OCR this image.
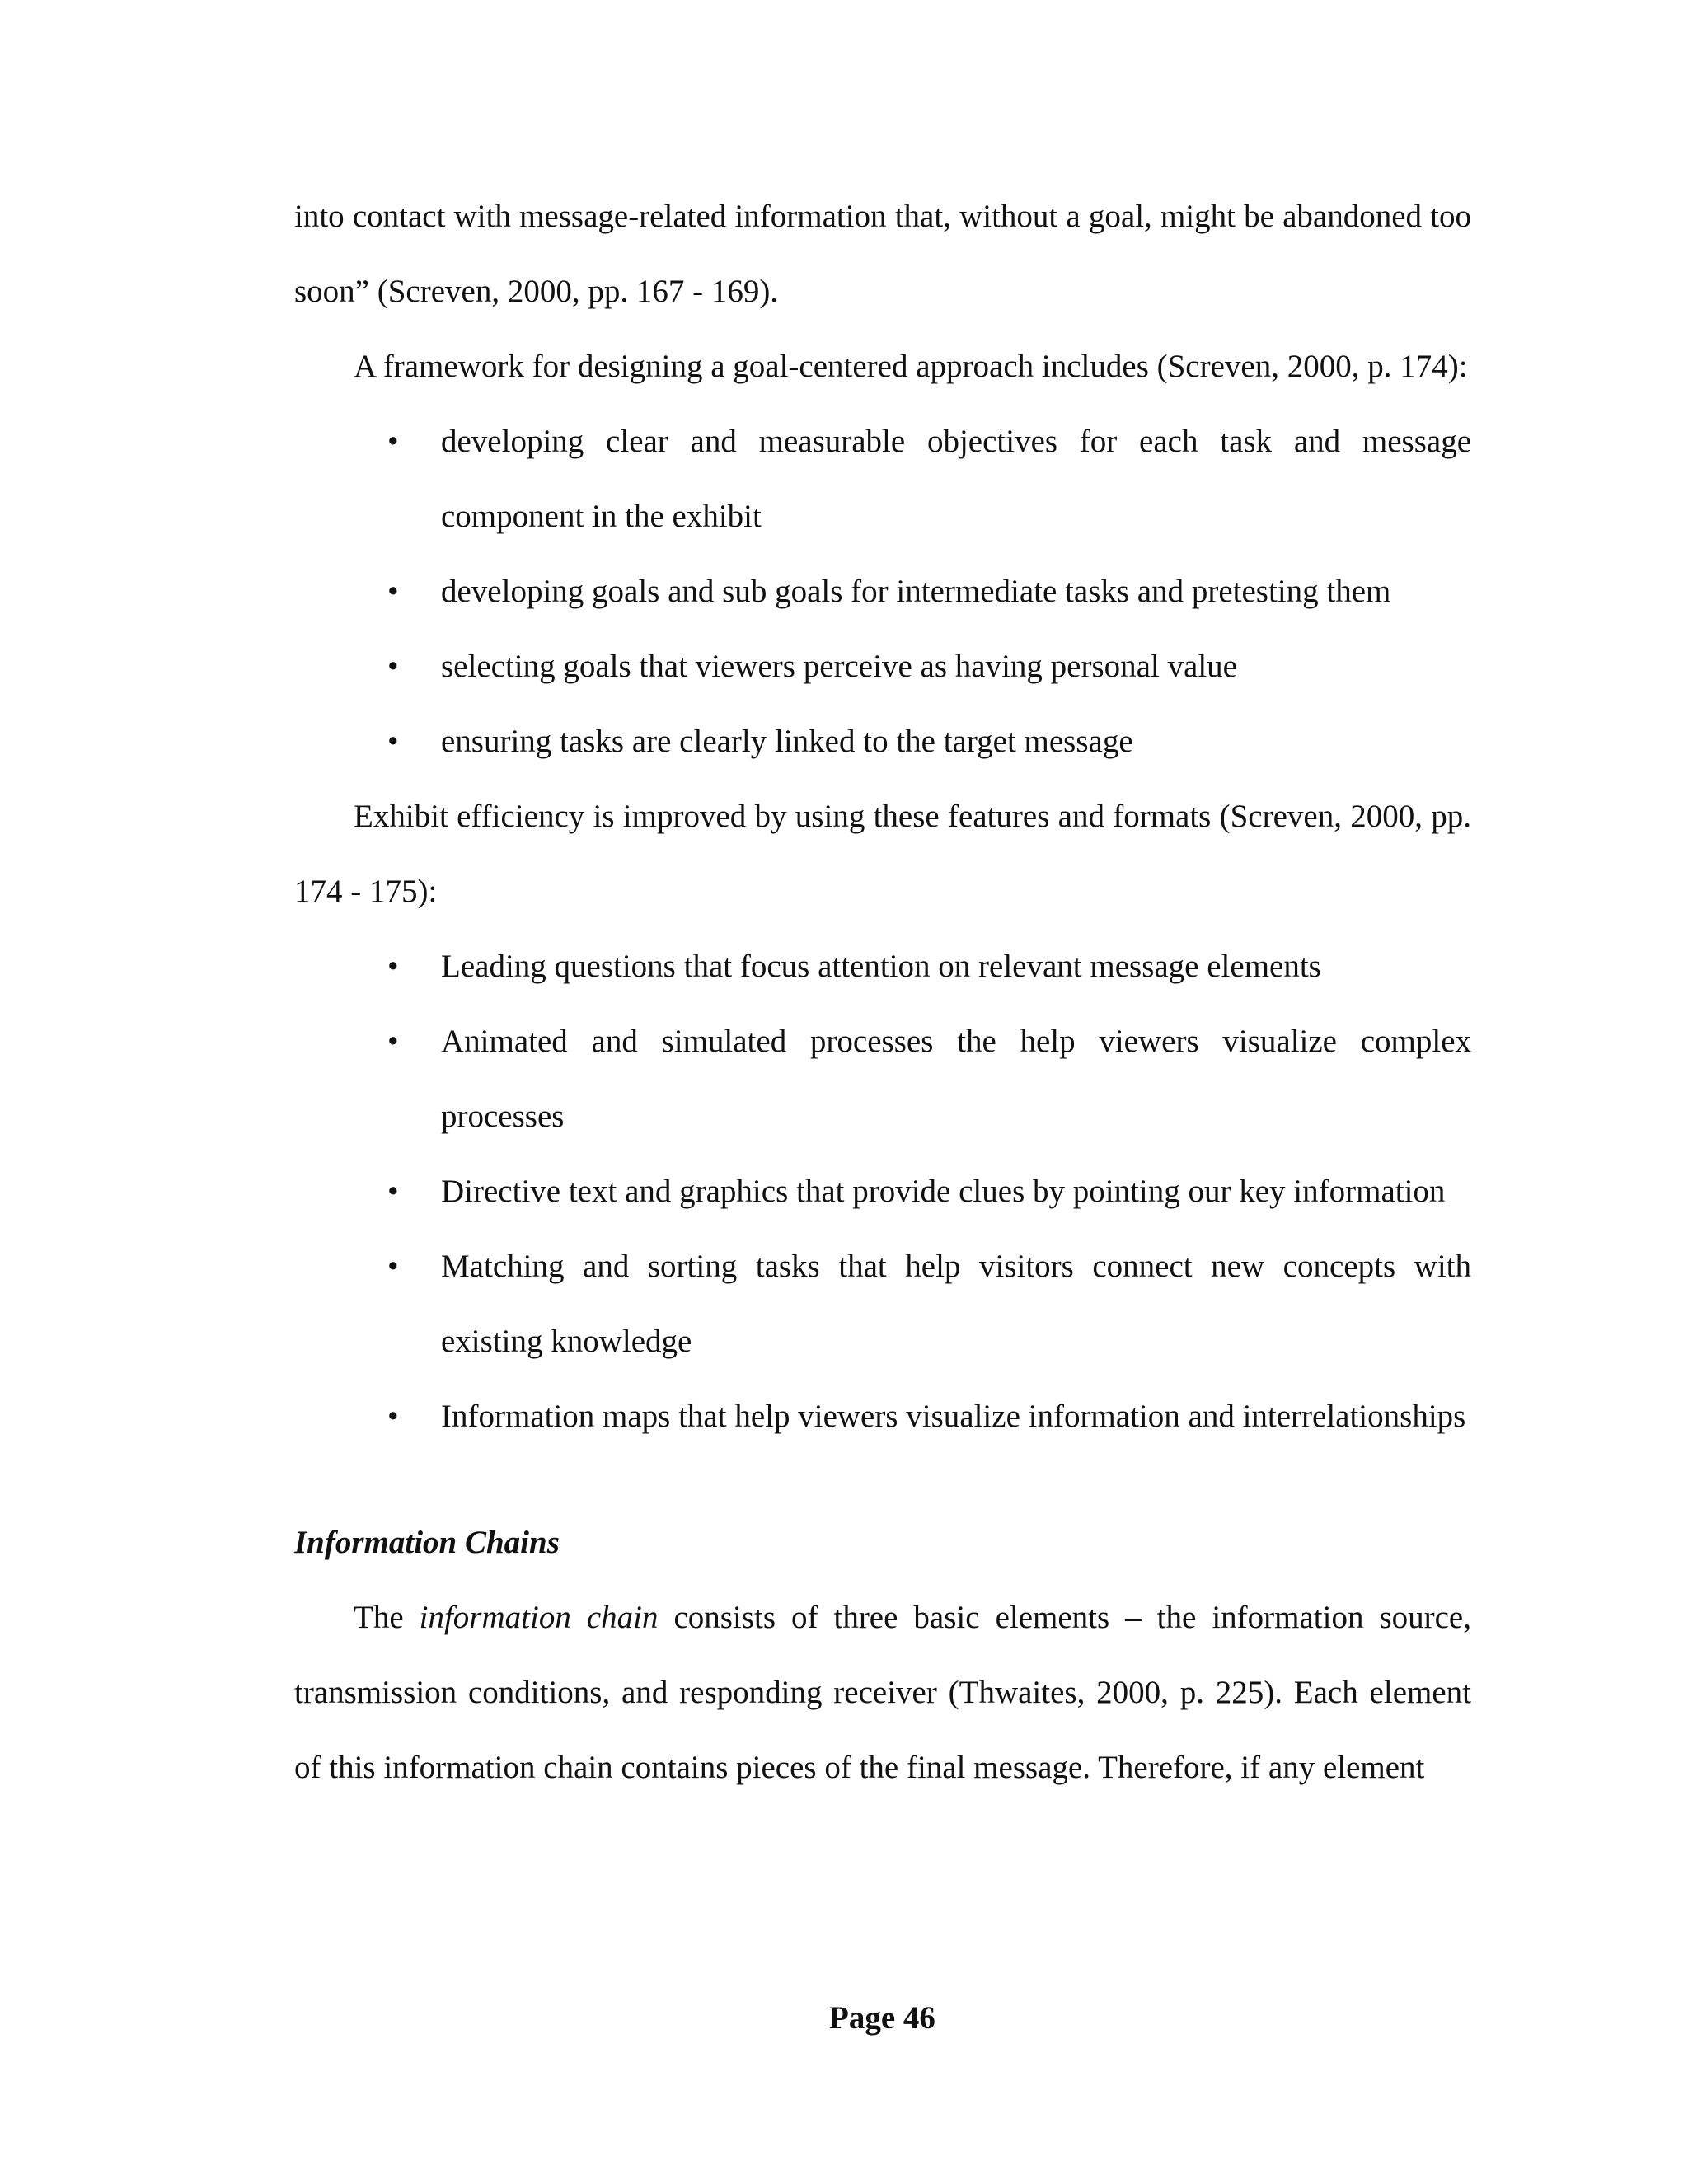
into contact with message-related information that, without a goal, might be abandoned too soon” (Screven, 2000, pp. 167 - 169).

A framework for designing a goal-centered approach includes (Screven, 2000, p. 174):

• developing clear and measurable objectives for each task and message component in the exhibit
• developing goals and sub goals for intermediate tasks and pretesting them
• selecting goals that viewers perceive as having personal value
• ensuring tasks are clearly linked to the target message

Exhibit efficiency is improved by using these features and formats (Screven, 2000, pp. 174 - 175):

• Leading questions that focus attention on relevant message elements
• Animated and simulated processes the help viewers visualize complex processes
• Directive text and graphics that provide clues by pointing our key information
• Matching and sorting tasks that help visitors connect new concepts with existing knowledge
• Information maps that help viewers visualize information and interrelationships

Information Chains

The information chain consists of three basic elements – the information source, transmission conditions, and responding receiver (Thwaites, 2000, p. 225). Each element of this information chain contains pieces of the final message. Therefore, if any element

Page 46
